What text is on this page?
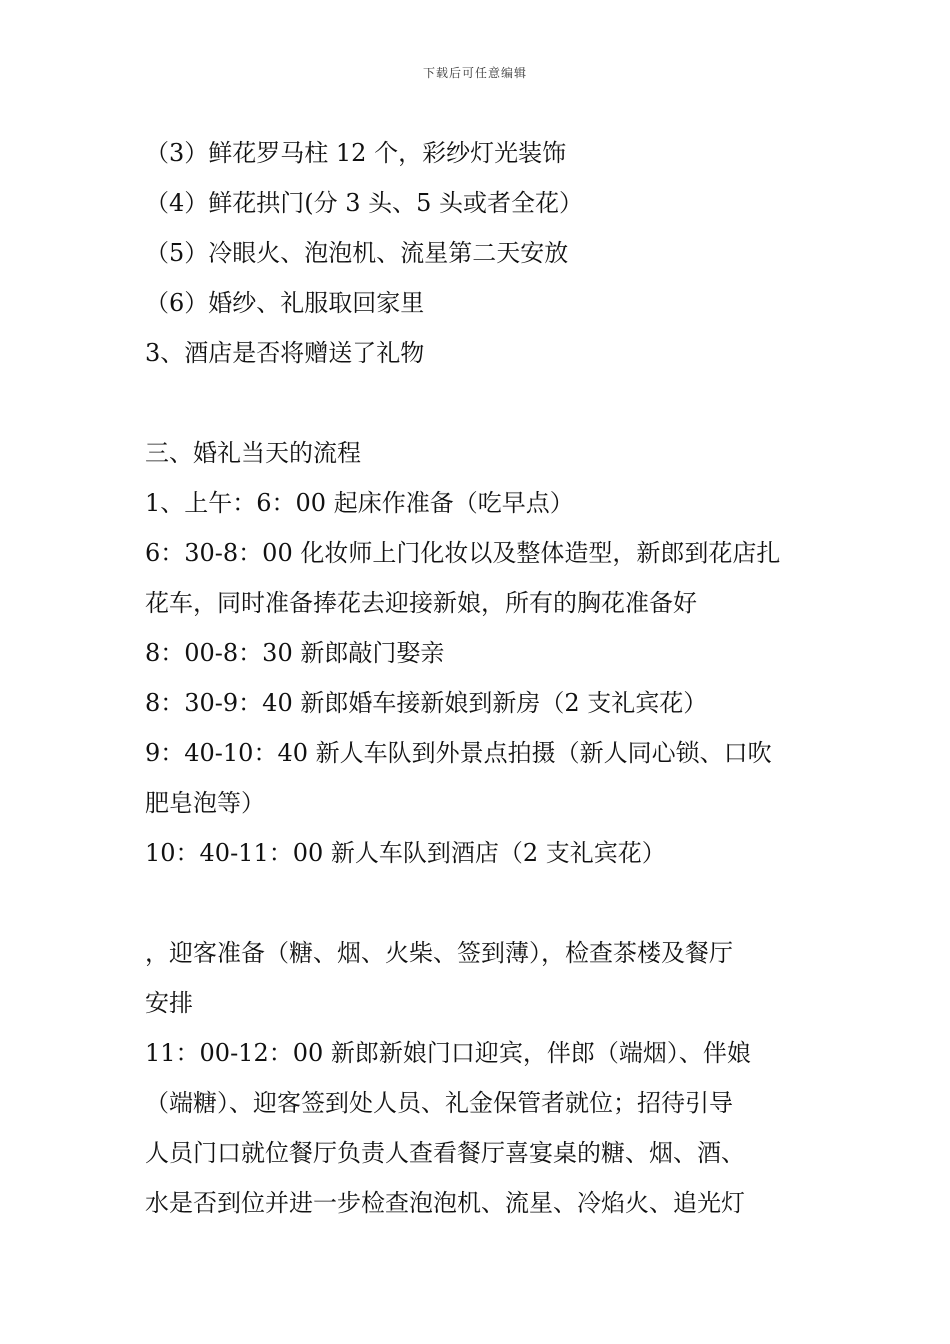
下载后可任意编辑
（3）鲜花罗马柱 12 个，彩纱灯光装饰
（4）鲜花拱门(分 3 头、5 头或者全花）
（5）冷眼火、泡泡机、流星第二天安放
（6）婚纱、礼服取回家里
3、酒店是否将赠送了礼物
三、婚礼当天的流程
1、上午：6：00 起床作准备（吃早点）
6：30-8：00 化妆师上门化妆以及整体造型，新郎到花店扎
花车，同时准备捧花去迎接新娘，所有的胸花准备好
8：00-8：30 新郎敲门娶亲
8：30-9：40 新郎婚车接新娘到新房（2 支礼宾花）
9：40-10：40 新人车队到外景点拍摄（新人同心锁、口吹
肥皂泡等）
10：40-11：00 新人车队到酒店（2 支礼宾花）
，迎客准备（糖、烟、火柴、签到薄），检查茶楼及餐厅
安排
11：00-12：00 新郎新娘门口迎宾，伴郎（端烟）、伴娘
（端糖）、迎客签到处人员、礼金保管者就位；招待引导
人员门口就位餐厅负责人查看餐厅喜宴桌的糖、烟、酒、
水是否到位并进一步检查泡泡机、流星、冷焰火、追光灯
